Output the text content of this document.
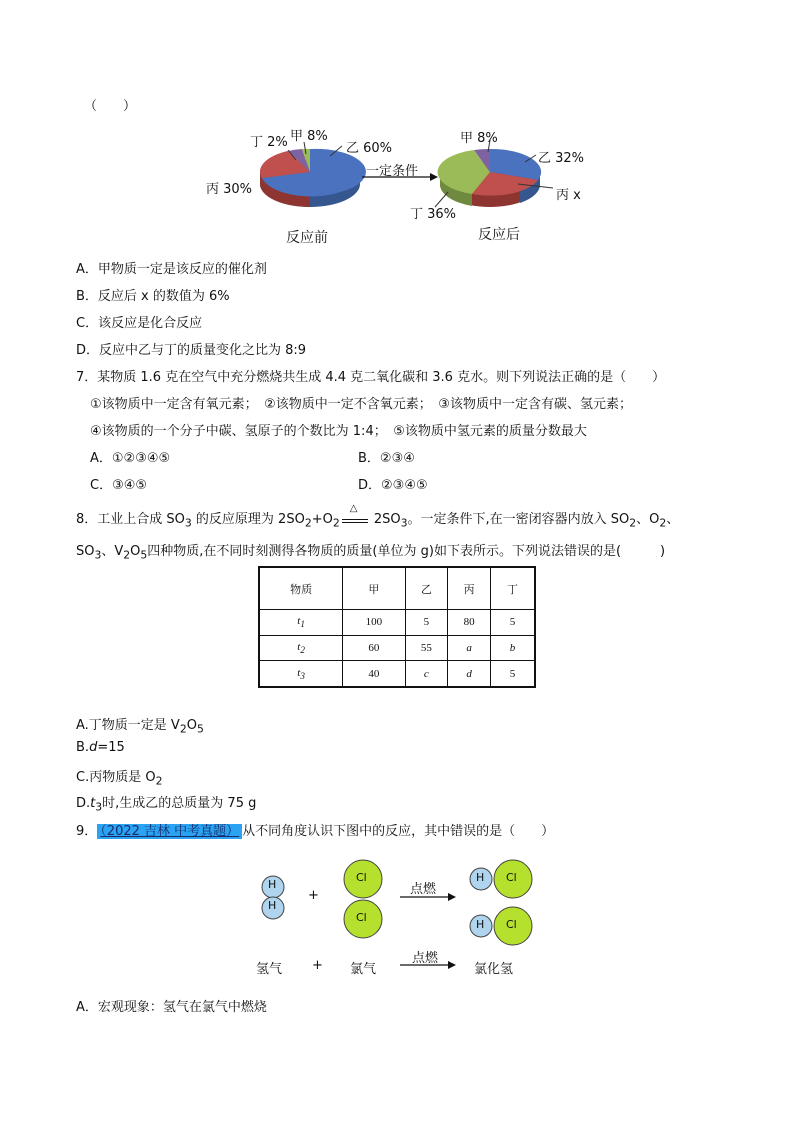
（　　）
丁 2% 甲 8%
乙 60%
丙 30%
反应前
一定条件
甲 8%
乙 32%
丙 x
丁 36%
反应后
A．甲物质一定是该反应的催化剂
B．反应后 x 的数值为 6%
C．该反应是化合反应
D．反应中乙与丁的质量变化之比为 8:9
7．某物质 1.6 克在空气中充分燃烧共生成 4.4 克二氧化碳和 3.6 克水。则下列说法正确的是（　　）
①该物质中一定含有氧元素；　②该物质中一定不含氧元素；　③该物质中一定含有碳、氢元素；
④该物质的一个分子中碳、氢原子的个数比为 1:4；　⑤该物质中氢元素的质量分数最大
A．①②③④⑤	B．②③④
C．③④⑤	D．②③④⑤
8．工业上合成 $SO_3$ 的反应原理为 $2SO_2+O_2$
△
$2SO_3$。一定条件下,在一密闭容器内放入 $SO_2$、$O_2$、
$SO_3$、$V_2O_5$四种物质,在不同时刻测得各物质的质量(单位为 g)如下表所示。下列说法错误的是(　　　)
物质	甲	乙	丙	丁
$t_1$	100	5	80	5
$t_2$	60	55	a	b
$t_3$	40	c	d	5
A.丁物质一定是 $V_2O_5$
B.d=15
C.丙物质是 $O_2$
$D.t_3$时,生成乙的总质量为 75 g
9． （2022 吉林 中考真题） 从不同角度认识下图中的反应，其中错误的是（　　）
H
H
Cl
Cl
+	点燃
H Cl
H Cl
氢气 + 氯气
点燃
氯化氢
A．宏观现象：氢气在氯气中燃烧
